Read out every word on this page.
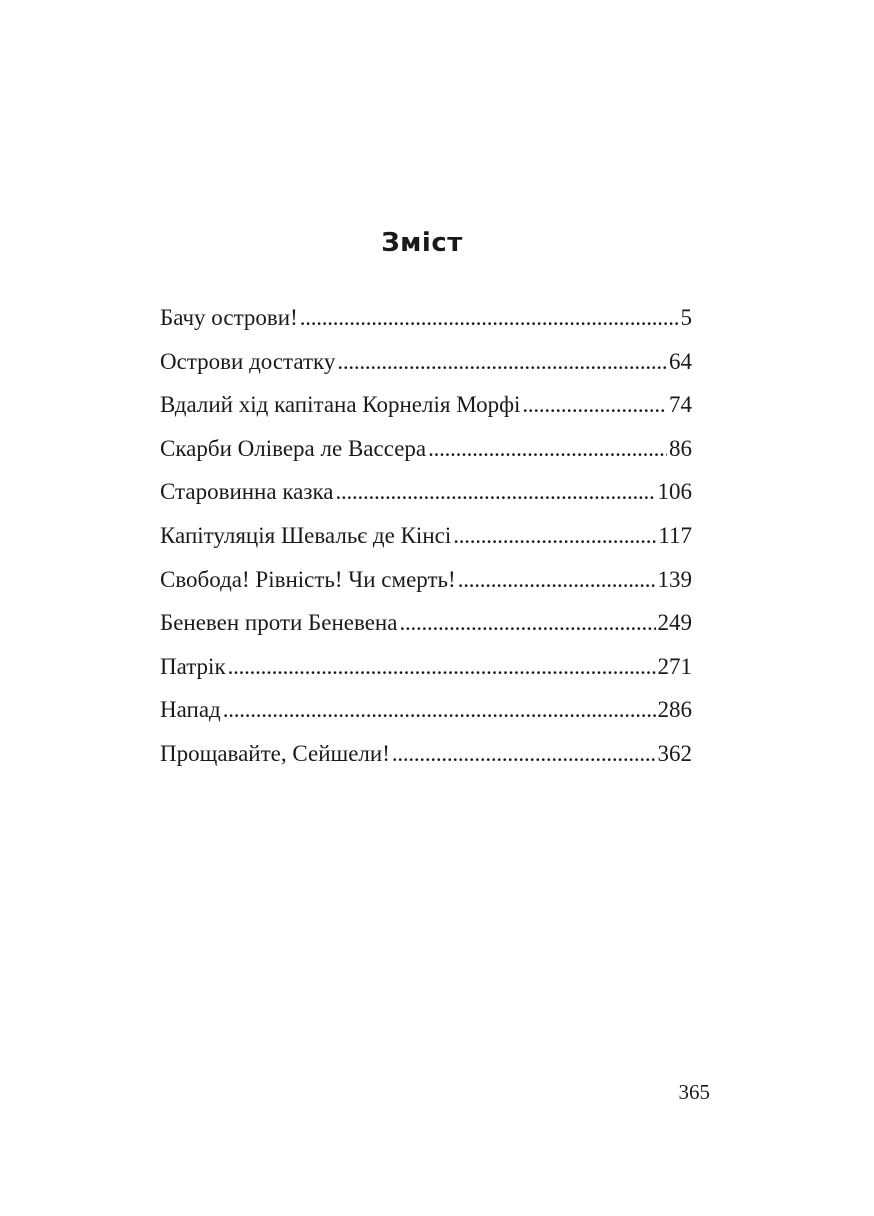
Зміст
Бачу острови! . . .	5
Острови достатку . . .	64
Вдалий хід капітана Корнелія Морфі . . .	74
Скарби Олівера ле Вассера . . .	86
Старовинна казка . . .	106
Капітуляція Шевальє де Кінсі . . .	117
Свобода! Рівність! Чи смерть! . . .	139
Беневен проти Беневена . . .	249
Патрік . . .	271
Напад . . .	286
Прощавайте, Сейшели! . . .	362
365
